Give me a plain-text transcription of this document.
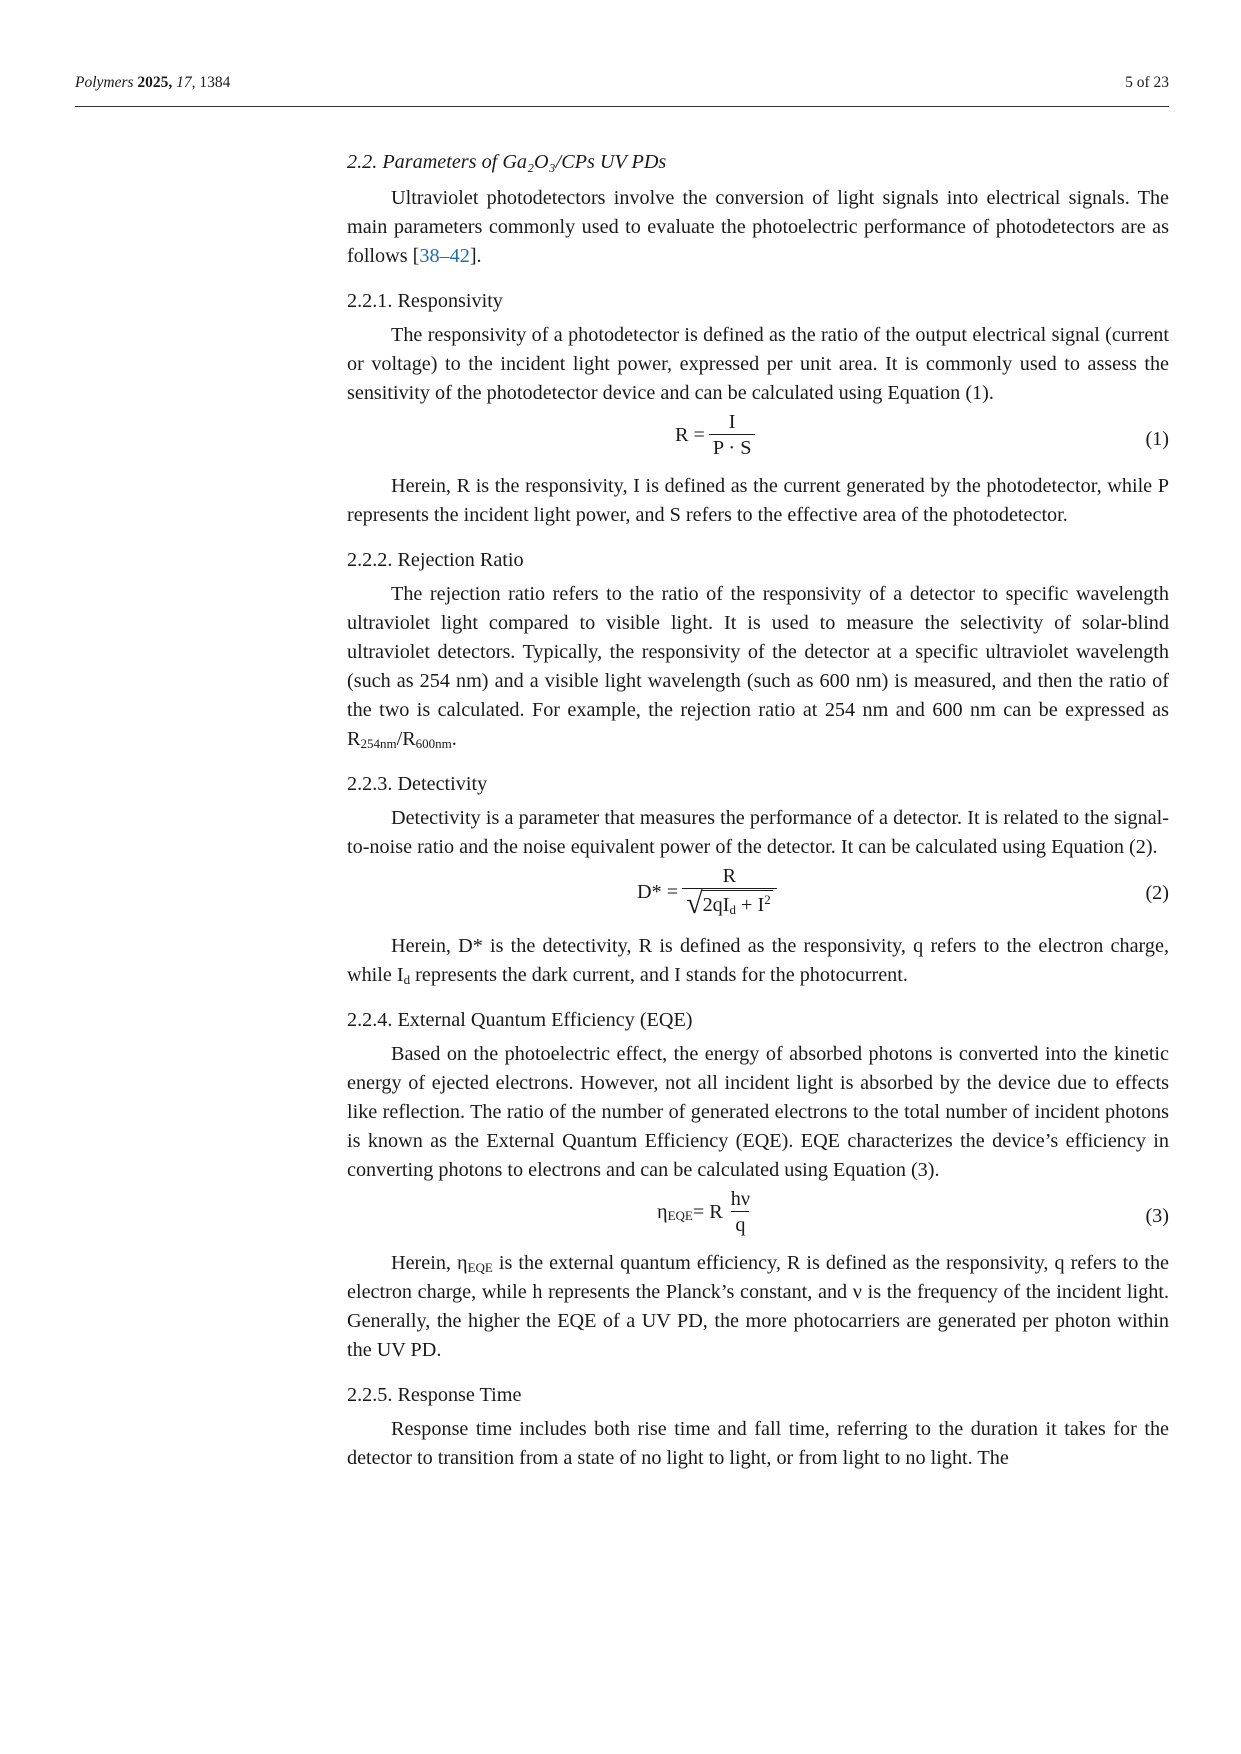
Polymers 2025, 17, 1384	5 of 23
2.2. Parameters of Ga₂O₃/CPs UV PDs

Ultraviolet photodetectors involve the conversion of light signals into electrical signals. The main parameters commonly used to evaluate the photoelectric performance of photodetectors are as follows [38–42].

2.2.1. Responsivity

The responsivity of a photodetector is defined as the ratio of the output electrical signal (current or voltage) to the incident light power, expressed per unit area. It is commonly used to assess the sensitivity of the photodetector device and can be calculated using Equation (1).

$R = \frac{I}{P \cdot S}$	(1)

Herein, R is the responsivity, I is defined as the current generated by the photodetector, while P represents the incident light power, and S refers to the effective area of the photodetector.

2.2.2. Rejection Ratio

The rejection ratio refers to the ratio of the responsivity of a detector to specific wavelength ultraviolet light compared to visible light. It is used to measure the selectivity of solar-blind ultraviolet detectors. Typically, the responsivity of the detector at a specific ultraviolet wavelength (such as 254 nm) and a visible light wavelength (such as 600 nm) is measured, and then the ratio of the two is calculated. For example, the rejection ratio at 254 nm and 600 nm can be expressed as $R_{254nm}/R_{600nm}$.

2.2.3. Detectivity

Detectivity is a parameter that measures the performance of a detector. It is related to the signal-to-noise ratio and the noise equivalent power of the detector. It can be calculated using Equation (2).

$D* = \frac{R}{√ 2qI_d + I^2}$	(2)

Herein, D* is the detectivity, R is defined as the responsivity, q refers to the electron charge, while $I_d$ represents the dark current, and I stands for the photocurrent.

2.2.4. External Quantum Efficiency (EQE)

Based on the photoelectric effect, the energy of absorbed photons is converted into the kinetic energy of ejected electrons. However, not all incident light is absorbed by the device due to effects like reflection. The ratio of the number of generated electrons to the total number of incident photons is known as the External Quantum Efficiency (EQE). EQE characterizes the device’s efficiency in converting photons to electrons and can be calculated using Equation (3).

$\eta_{EQE} = R \frac{h\nu}{q}$	(3)

Herein, $\eta_{EQE}$ is the external quantum efficiency, R is defined as the responsivity, q refers to the electron charge, while h represents the Planck’s constant, and ν is the frequency of the incident light. Generally, the higher the EQE of a UV PD, the more photocarriers are generated per photon within the UV PD.

2.2.5. Response Time

Response time includes both rise time and fall time, referring to the duration it takes for the detector to transition from a state of no light to light, or from light to no light. The
